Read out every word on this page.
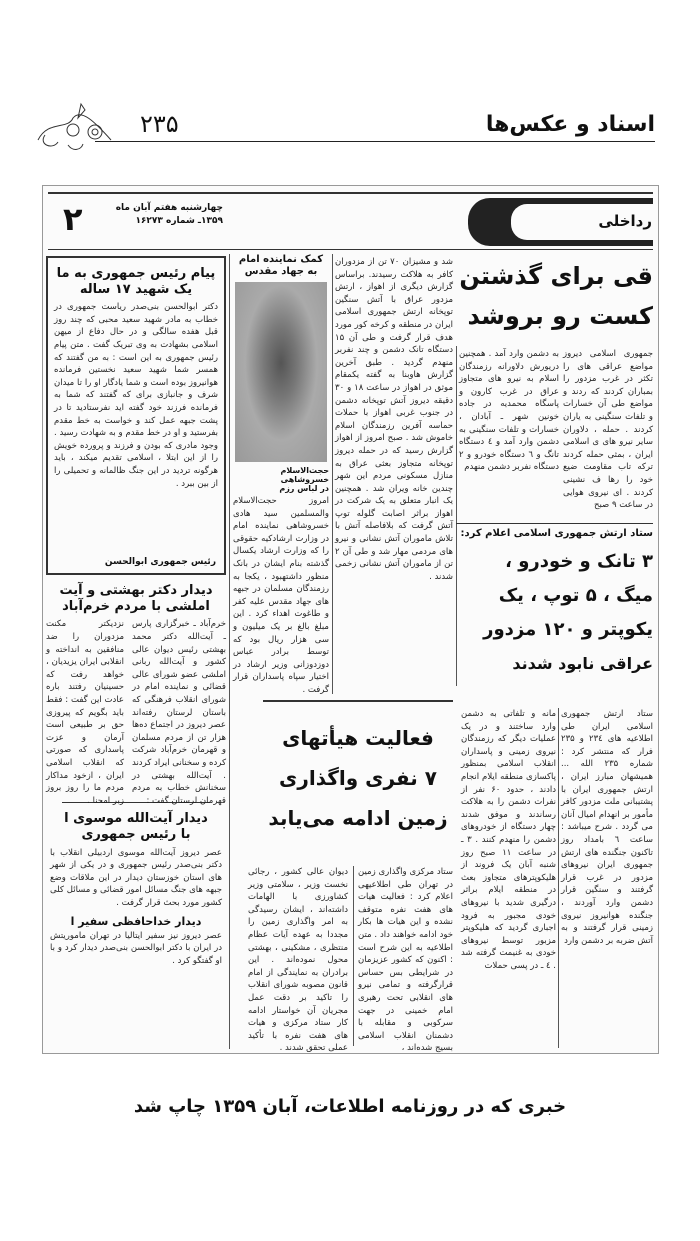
اسناد و عکس‌ها
۲۳۵
۲	چهارشنبه هفتم آبان ماه
۱۳۵۹ـ شماره ۱۶۲۷۳	رداخلی
پیام رئیس جمهوری به ما
یک شهید ۱۷ ساله
دکتر ابوالحسن بنی‌صدر ریاست جمهوری در خطاب به مادر شهید سعید محبی که چند روز قبل هفده سالگی و در حال دفاع از میهن اسلامی بشهادت به وی تبریک گفت . متن پیام رئیس جمهوری به این است : به من گفتند که همسر شما شهید سعید نخستین فرمانده هوانیروز بوده است و شما یادگار او را تا میدان شرف و جانبازی برای که گفتند که شما به فرمانده فرزند خود گفته اید نفرستادید تا در پشت جبهه عمل کند و خواست به خط مقدم بفرستید و او در خط مقدم و به شهادت رسید . وجود مادری که بودن و فرزند و پرورده خویش را از این ابتلا ، اسلامی تقدیم میکند ، باید هرگونه تردید در این جنگ ظالمانه و تحمیلی را از بین ببرد .
رئیس جمهوری ابوالحسن
دیدار دکتر بهشتی و آیت
املشی با مردم خرم‌آباد
خرم‌آباد ـ خبرگزاری پارس ـ آیت‌الله دکتر محمد بهشتی رئیس دیوان عالی کشور و آیت‌الله ربانی املشی عضو شورای عالی قضائی و نماینده امام در شورای انقلاب فرهنگی که باستان لرستان رفته‌اند عصر دیروز در اجتماع ده‌ها هزار تن از مردم مسلمان و قهرمان خرم‌آباد شرکت کرده و سخنانی ایراد کردند . آیت‌الله بهشتی در سخنانش خطاب به مردم قهرمان لرستان گفت :
نزدیکتر مکنت مزدوران را ضد منافقین به انداخته و انقلابی ایران یزیدیان ، خواهد رفت که حسینیان رفتند باره عادت این گفت : فقط باید بگویم که پیروزی حق بر طبیعی است آرمان و عزت پاسداری که صورتی که انقلاب اسلامی ایران ، ازخود مداکار مردم ما را روز بروز زبر امحنا .
دیدار آیت‌الله موسوی ا
با رئیس جمهوری
عصر دیروز آیت‌الله موسوی اردبیلی انقلاب با دکتر بنی‌صدر رئیس جمهوری و در یکی از شهر های استان خوزستان دیدار در این ملاقات وضع جبهه های جنگ مسائل امور قضائی و مسائل کلی کشور مورد بحث قرار گرفت .
دیدار خداحافظی سفیر ا
عصر دیروز نیز سفیر ایتالیا در تهران ماموریتش در ایران با دکتر ابوالحسن بنی‌صدر دیدار کرد و با او گفتگو کرد .
کمک نماینده امام
به جهاد مقدس
حجت‌الاسلام خسروشاهی
در لباس رزم
امروز حجت‌الاسلام والمسلمین سید هادی خسروشاهی نماینده امام در وزارت ارشادکیه حقوقی را که وزارت ارشاد یکسال گذشته بنام ایشان در بانک منظور داشتهبود ، یکجا به رزمندگان مسلمان در جبهه های جهاد مقدس علیه کفر و طاغوت اهداء کرد . این مبلغ بالغ بر یک میلیون و سی هزار ریال بود که توسط برادر عباس دوزدوزانی وزیر ارشاد در اختیار سپاه پاسداران قرار گرفت .
قی برای گذشتن
کست رو بروشد
شد و مشیزان ۷۰ تن از مزدوران کافر به هلاکت رسیدند. براساس گزارش دیگری از اهواز ، ارتش مزدور عراق با آتش سنگین توپخانه ارتش جمهوری اسلامی ایران در منطقه و کرخه کور مورد هدف قرار گرفت و طی آن ۱۵ دستگاه تانک دشمن و چند نفربر منهدم گردید . طبق آخرین گزارش هاوبنا به گفته یکمقام موثق در اهواز در ساعت ۱۸ و ۳۰ دقیقه دیروز آتش توپخانه دشمن در جنوب غربی اهواز با حملات حماسه آفرین رزمندگان اسلام خاموش شد . صبح امروز از اهواز گزارش رسید که در حمله دیروز توپخانه متجاوز بعثی عراق به منازل مسکونی مردم این شهر چندین خانه ویران شد . همچنین یک انبار متعلق به یک شرکت در اهواز براثر اصابت گلوله توپ آتش گرفت که بلافاصله آتش با تلاش ماموران آتش نشانی و نیرو های مردمی مهار شد و طی آن ۲ تن از ماموران آتش نشانی زخمی شدند .
به دشمن وارد آمد . همچنین دریورش دلاورانه رزمندگان اسلام به نیرو های متجاوز عراق در غرب کارون و پاسگاه محمدیه در جاده خونین شهر ـ آبادان ، خسارات و تلفات سنگینی به دشمن وارد آمد و ٤ دستگاه تانگ و ٦ دستگاه خودرو و ۲ دستگاه نفربر دشمن منهدم
جمهوری اسلامی دیروز مواضع عراقی های را تکثر در غرب مزدور را بمباران کردند که ردند و مواضع طی آن خسارات و تلفات سنگینی به یاران کردند . حمله ، دلاوران سایر نیرو های ی اسلامی ایران ، بمثی حمله کردند ترکه تاب مقاومت ضیع خود را رها ف نشینی کردند . ای نیروی هوایی در ساعت ۹ صبح
ستاد ارتش جمهوری اسلامی اعلام کرد:
۳ تانک و خودرو ،
میگ ، ۵ توپ ، یک
یکوپتر و ۱۲۰ مزدور
عراقی نابود شدند
مانه و تلفاتی به دشمن وارد ساختند و در یک عملیات دیگر که رزمندگان نیروی زمینی و پاسداران انقلاب اسلامی بمنظور پاکسازی منطقه ایلام انجام دادند ، حدود ۶۰ نفر از نفرات دشمن را به هلاکت رساندند و موفق شدند چهار دستگاه از خودروهای دشمن را منهدم کنند . ۳ ـ در ساعت ۱۱ صبح روز شنبه آبان یک فروند از هلیکوپترهای متجاوز بعث در منطقه ایلام براثر درگیری شدید با نیروهای خودی مجبور به فرود اجباری گردید که هلیکوپتر مزبور توسط نیروهای خودی به غنیمت گرفته شد . ٤ ـ در پسی حملات
ستاد ارتش جمهوری اسلامی ایران طی اطلاعیه های ۲۳٤ و ۲۳۵ فرار که منتشر کرد : شماره ۲۳۵ الله ... همیشهان مبارز ایران ، ارتش جمهوری ایران با پشتیبانی ملت مزدور کافر مأمور بر انهدام امیال آنان می گردد . شرح میباشد : ساعت ٦ بامداد روز تاکنون جنگنده های ارتش جمهوری ایران نیروهای مزدور در غرب قرار گرفتند و سنگین قرار دشمن وارد آوردند ، جنگنده هوانیروز نیروی زمینی قرار گرفتند و به آتش ضربه بر دشمن وارد
فعالیت هیأتهای
۷ نفری واگذاری
زمین ادامه می‌یابد
ستاد مرکزی واگذاری زمین در تهران طی اطلاعیهی اعلام کرد : فعالیت هیات های هفت نفره متوقف نشده و این هیات ها بکار خود ادامه خواهند داد . متن اطلاعیه به این شرح است : اکنون که کشور عزیزمان در شرایطی بس حساس قرارگرفته و تمامی نیرو های انقلابی تحت رهبری امام خمینی در جهت سرکوبی و مقابله با دشمنان انقلاب اسلامی بسیج شده‌اند ،
دیوان عالی کشور ، رجائی نخست وزیر ، سلامتی وزیر کشاورزی با الهامات داشته‌اند ، ایشان رسیدگی به امر واگذاری زمین را مجددا به عهده آیات عظام منتظری ، مشکینی ، بهشتی محول نموده‌اند . این برادران به نمایندگی از امام قانون مصوبه شورای انقلاب را تاکید بر دقت عمل مجریان آن خواستار ادامه کار ستاد مرکزی و هیات های هفت نفره با تأکید عملی تحقق شدند .
خبری که در روزنامه اطلاعات، آبان ۱۳۵۹ چاپ شد
